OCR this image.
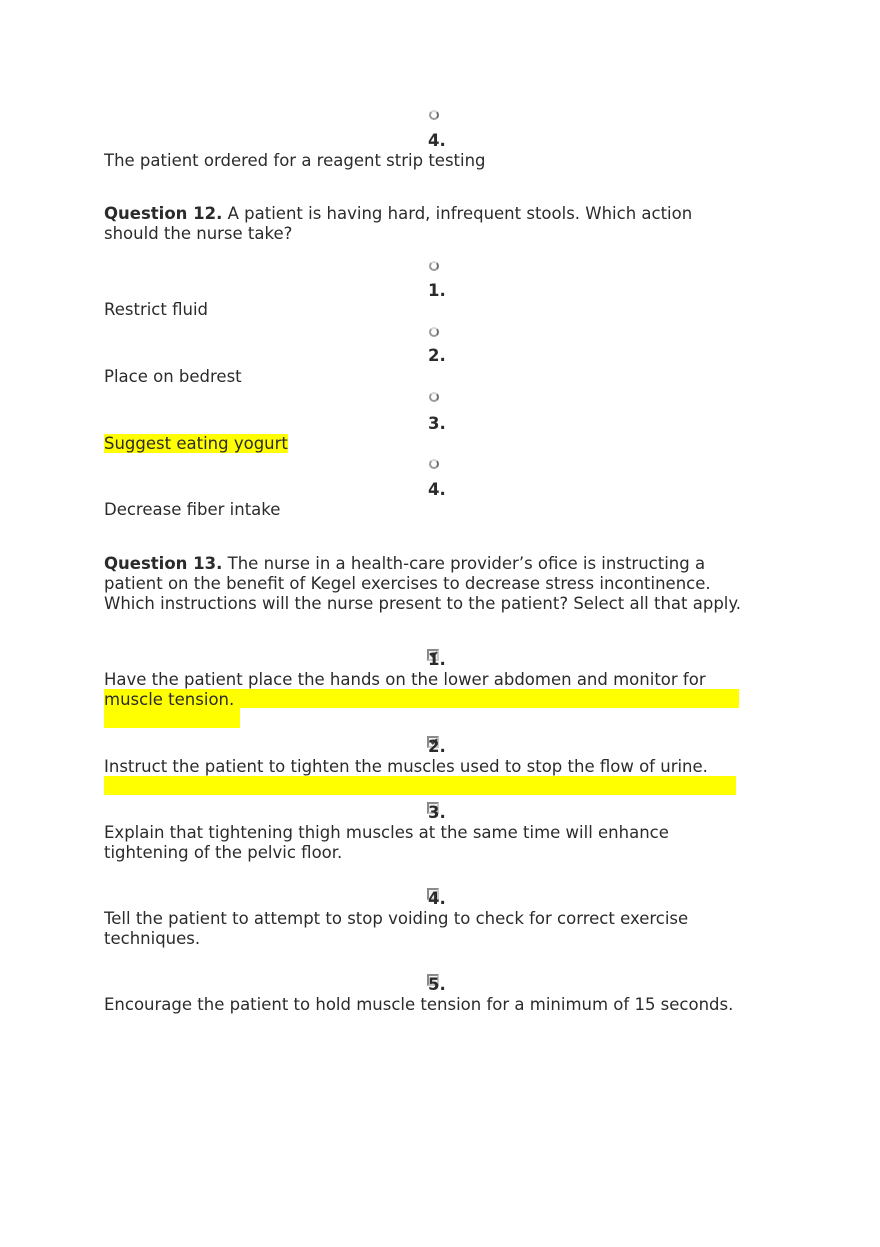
4.
The patient ordered for a reagent strip testing
Question 12. A patient is having hard, infrequent stools. Which action
should the nurse take?
1.
Restrict fluid
2.
Place on bedrest
3.
Suggest eating yogurt
4.
Decrease fiber intake
Question 13. The nurse in a health-care provider’s oﬁce is instructing a
patient on the benefit of Kegel exercises to decrease stress incontinence.
Which instructions will the nurse present to the patient? Select all that apply.
1.
Have the patient place the hands on the lower abdomen and monitor for
muscle tension.
2.
Instruct the patient to tighten the muscles used to stop the flow of urine.
3.
Explain that tightening thigh muscles at the same time will enhance
tightening of the pelvic floor.
4.
Tell the patient to attempt to stop voiding to check for correct exercise
techniques.
5.
Encourage the patient to hold muscle tension for a minimum of 15 seconds.
